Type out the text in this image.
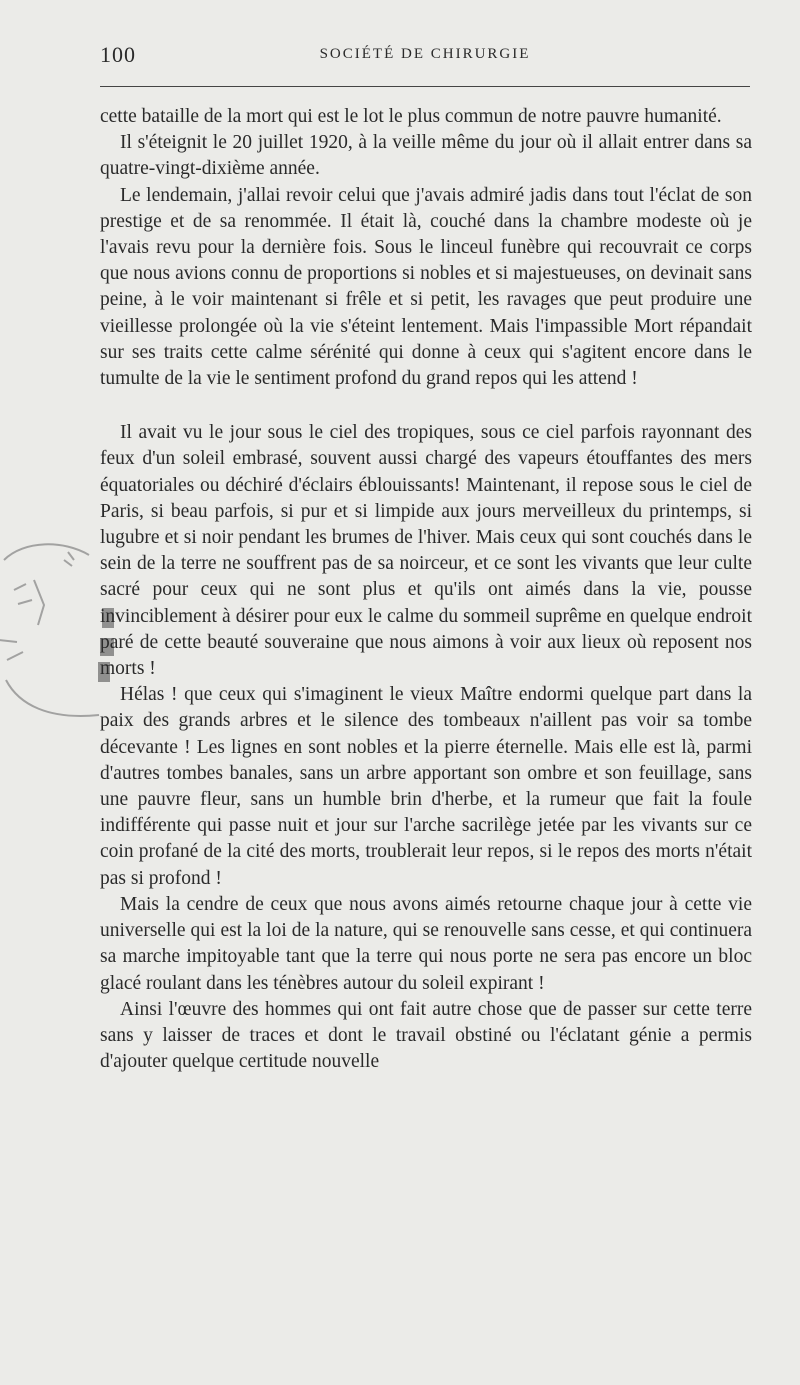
100	SOCIÉTÉ DE CHIRURGIE

cette bataille de la mort qui est le lot le plus commun de notre pauvre humanité.

Il s'éteignit le 20 juillet 1920, à la veille même du jour où il allait entrer dans sa quatre-vingt-dixième année.

Le lendemain, j'allai revoir celui que j'avais admiré jadis dans tout l'éclat de son prestige et de sa renommée. Il était là, couché dans la chambre modeste où je l'avais revu pour la dernière fois. Sous le linceul funèbre qui recouvrait ce corps que nous avions connu de proportions si nobles et si majestueuses, on devinait sans peine, à le voir maintenant si frêle et si petit, les ravages que peut produire une vieillesse prolongée où la vie s'éteint lentement. Mais l'impassible Mort répandait sur ses traits cette calme sérénité qui donne à ceux qui s'agitent encore dans le tumulte de la vie le sentiment profond du grand repos qui les attend !

Il avait vu le jour sous le ciel des tropiques, sous ce ciel parfois rayonnant des feux d'un soleil embrasé, souvent aussi chargé des vapeurs étouffantes des mers équatoriales ou déchiré d'éclairs éblouissants! Maintenant, il repose sous le ciel de Paris, si beau parfois, si pur et si limpide aux jours merveilleux du printemps, si lugubre et si noir pendant les brumes de l'hiver. Mais ceux qui sont couchés dans le sein de la terre ne souffrent pas de sa noirceur, et ce sont les vivants que leur culte sacré pour ceux qui ne sont plus et qu'ils ont aimés dans la vie, pousse invinciblement à désirer pour eux le calme du sommeil suprême en quelque endroit paré de cette beauté souveraine que nous aimons à voir aux lieux où reposent nos morts !

Hélas ! que ceux qui s'imaginent le vieux Maître endormi quelque part dans la paix des grands arbres et le silence des tombeaux n'aillent pas voir sa tombe décevante ! Les lignes en sont nobles et la pierre éternelle. Mais elle est là, parmi d'autres tombes banales, sans un arbre apportant son ombre et son feuillage, sans une pauvre fleur, sans un humble brin d'herbe, et la rumeur que fait la foule indifférente qui passe nuit et jour sur l'arche sacrilège jetée par les vivants sur ce coin profané de la cité des morts, troublerait leur repos, si le repos des morts n'était pas si profond !

Mais la cendre de ceux que nous avons aimés retourne chaque jour à cette vie universelle qui est la loi de la nature, qui se renouvelle sans cesse, et qui continuera sa marche impitoyable tant que la terre qui nous porte ne sera pas encore un bloc glacé roulant dans les ténèbres autour du soleil expirant !

Ainsi l'œuvre des hommes qui ont fait autre chose que de passer sur cette terre sans y laisser de traces et dont le travail obstiné ou l'éclatant génie a permis d'ajouter quelque certitude nouvelle
